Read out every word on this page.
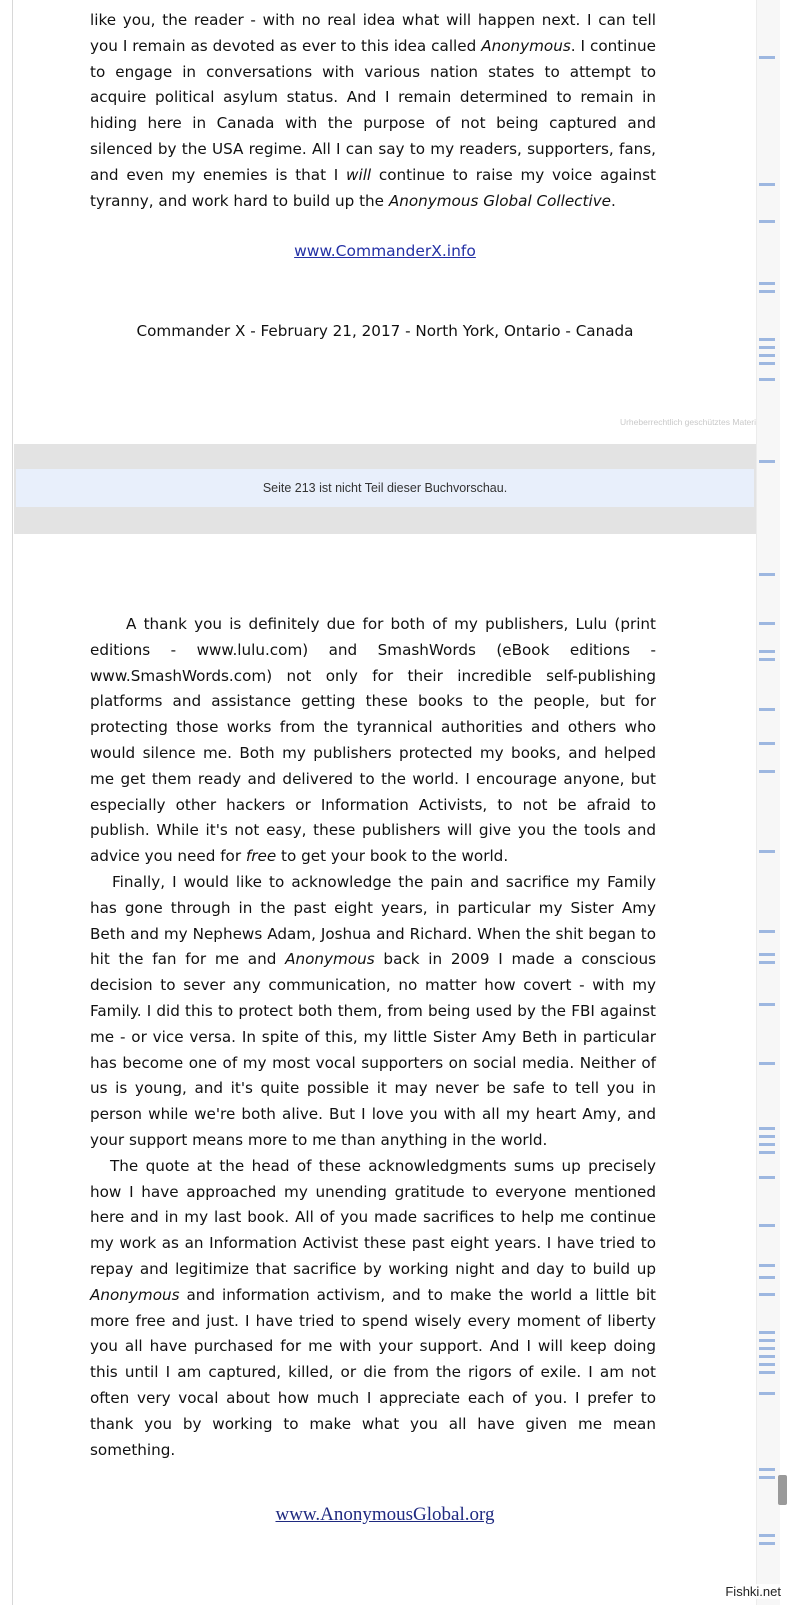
like you, the reader - with no real idea what will happen next. I can tell you I remain as devoted as ever to this idea called Anonymous. I continue to engage in conversations with various nation states to attempt to acquire political asylum status. And I remain determined to remain in hiding here in Canada with the purpose of not being captured and silenced by the USA regime. All I can say to my readers, supporters, fans, and even my enemies is that I will continue to raise my voice against tyranny, and work hard to build up the Anonymous Global Collective.

www.CommanderX.info
Commander X - February 21, 2017 - North York, Ontario - Canada
Urheberrechtlich geschütztes Materi
Seite 213 ist nicht Teil dieser Buchvorschau.

A thank you is definitely due for both of my publishers, Lulu (print editions - www.lulu.com) and SmashWords (eBook editions - www.SmashWords.com) not only for their incredible self-publishing platforms and assistance getting these books to the people, but for protecting those works from the tyrannical authorities and others who would silence me. Both my publishers protected my books, and helped me get them ready and delivered to the world. I encourage anyone, but especially other hackers or Information Activists, to not be afraid to publish. While it's not easy, these publishers will give you the tools and advice you need for free to get your book to the world.

Finally, I would like to acknowledge the pain and sacrifice my Family has gone through in the past eight years, in particular my Sister Amy Beth and my Nephews Adam, Joshua and Richard. When the shit began to hit the fan for me and Anonymous back in 2009 I made a conscious decision to sever any communication, no matter how covert - with my Family. I did this to protect both them, from being used by the FBI against me - or vice versa. In spite of this, my little Sister Amy Beth in particular has become one of my most vocal supporters on social media. Neither of us is young, and it's quite possible it may never be safe to tell you in person while we're both alive. But I love you with all my heart Amy, and your support means more to me than anything in the world.

The quote at the head of these acknowledgments sums up precisely how I have approached my unending gratitude to everyone mentioned here and in my last book. All of you made sacrifices to help me continue my work as an Information Activist these past eight years. I have tried to repay and legitimize that sacrifice by working night and day to build up Anonymous and information activism, and to make the world a little bit more free and just. I have tried to spend wisely every moment of liberty you all have purchased for me with your support. And I will keep doing this until I am captured, killed, or die from the rigors of exile. I am not often very vocal about how much I appreciate each of you. I prefer to thank you by working to make what you all have given me mean something.

www.AnonymousGlobal.org
Fishki.net
